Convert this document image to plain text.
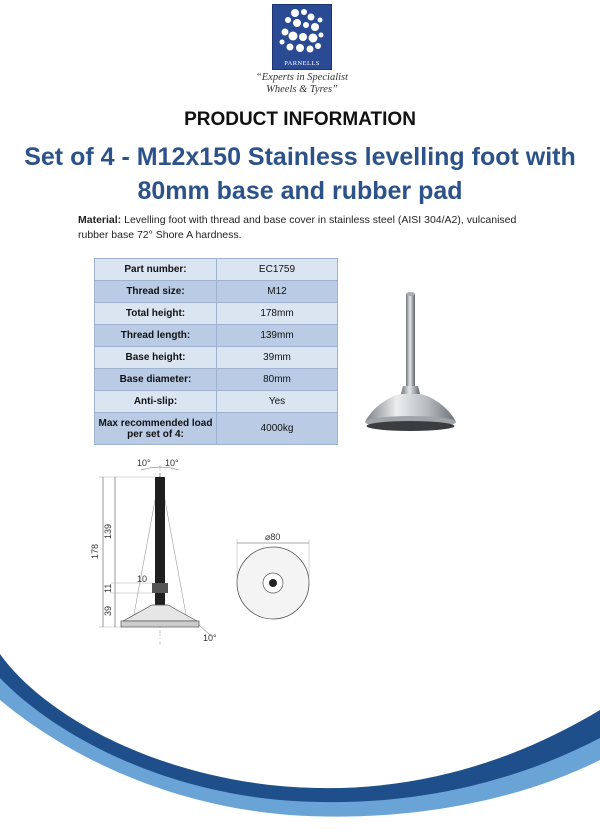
PARNELLS
“Experts in Specialist
Wheels & Tyres”
PRODUCT INFORMATION
Set of 4 - M12x150 Stainless levelling foot with
80mm base and rubber pad
Material: Levelling foot with thread and base cover in stainless steel (AISI 304/A2), vulcanised rubber base 72° Shore A hardness.
Part number:	EC1759
Thread size:	M12
Total height:	178mm
Thread length:	139mm
Base height:	39mm
Base diameter:	80mm
Anti-slip:	Yes
Max recommended load per set of 4:	4000kg
10° 10°
178
139
11
10
39
10°
⌀80
